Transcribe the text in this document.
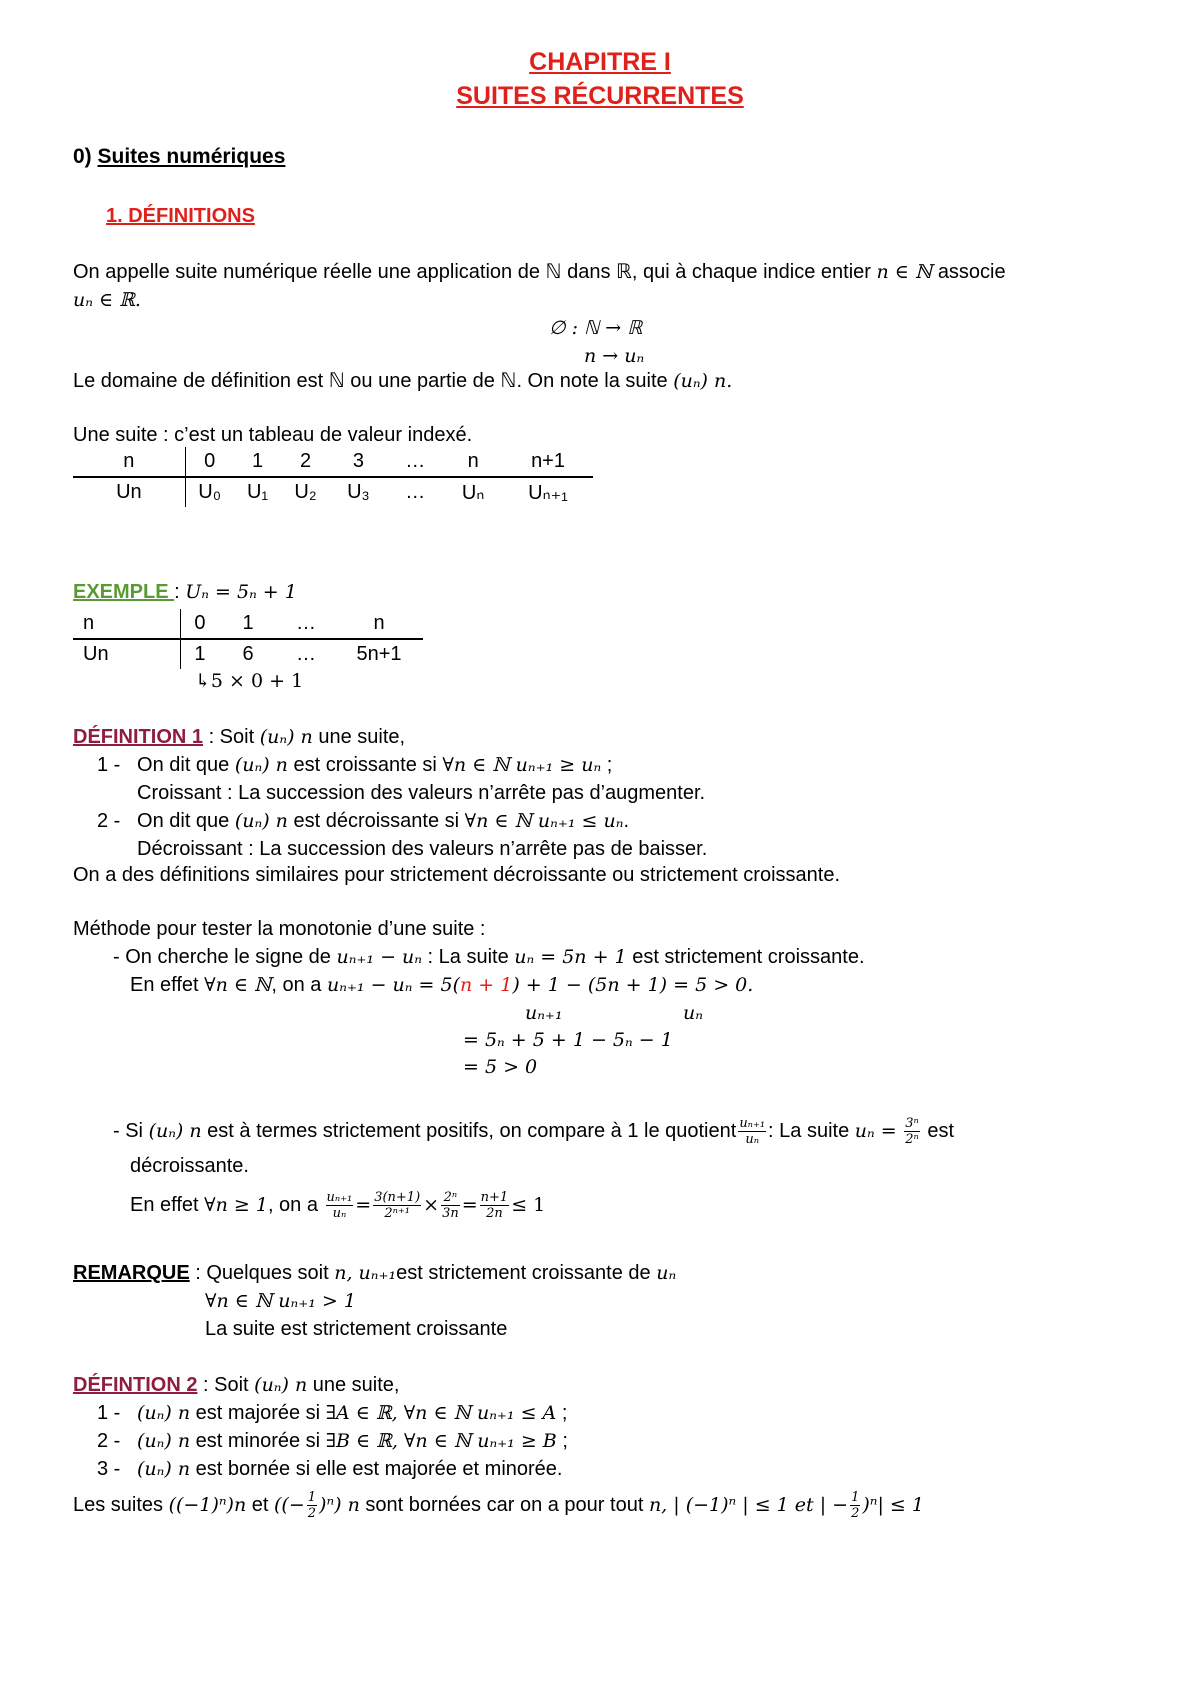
CHAPITRE I
SUITES RÉCURRENTES
0) Suites numériques
1. DÉFINITIONS
On appelle suite numérique réelle une application de ℕ dans ℝ, qui à chaque indice entier n ∈ ℕ associe
uₙ ∈ ℝ.
∅ : ℕ → ℝ
n → uₙ
Le domaine de définition est ℕ ou une partie de ℕ. On note la suite (uₙ) n.
Une suite : c’est un tableau de valeur indexé.
n	0	1	2	3	…	n	n+1
Un	U₀	U₁	U₂	U₃	…	Uₙ	Uₙ₊₁
EXEMPLE : Uₙ = 5ₙ + 1
n	0	1	…	n
Un	1	6	…	5n+1
↳5 × 0 + 1
DÉFINITION 1 : Soit (uₙ) n une suite,
1 - On dit que (uₙ) n est croissante si ∀n ∈ ℕ uₙ₊₁ ≥ uₙ ;
Croissant : La succession des valeurs n’arrête pas d’augmenter.
2 - On dit que (uₙ) n est décroissante si ∀n ∈ ℕ uₙ₊₁ ≤ uₙ.
Décroissant : La succession des valeurs n’arrête pas de baisser.
On a des définitions similaires pour strictement décroissante ou strictement croissante.
Méthode pour tester la monotonie d’une suite :
- On cherche le signe de uₙ₊₁ − uₙ : La suite uₙ = 5n + 1 est strictement croissante.
En effet ∀n ∈ ℕ, on a uₙ₊₁ − uₙ = 5(n + 1) + 1 − (5n + 1) = 5 > 0.
uₙ₊₁	uₙ
= 5ₙ + 5 + 1 − 5ₙ − 1
= 5 > 0
- Si (uₙ) n est à termes strictement positifs, on compare à 1 le quotient $\frac{\text{uₙ₊₁}}{\text{uₙ}}$ : La suite $u_n = \frac{\text{3ⁿ}}{\text{2ⁿ}}$ est
décroissante.
En effet ∀n ≥ 1, on a $\frac{\text{uₙ₊₁}}{\text{uₙ}} = \frac{3(n+1)}{\text{2ⁿ⁺¹}} \times \frac{\text{2ⁿ}}{3n} = \frac{n+1}{2n} \le 1$
REMARQUE : Quelques soit n, uₙ₊₁est strictement croissante de uₙ
∀n ∈ ℕ uₙ₊₁ > 1
La suite est strictement croissante
DÉFINTION 2 : Soit (uₙ) n une suite,
1 - (uₙ) n est majorée si ∃A ∈ ℝ, ∀n ∈ ℕ uₙ₊₁ ≤ A ;
2 - (uₙ) n est minorée si ∃B ∈ ℝ, ∀n ∈ ℕ uₙ₊₁ ≥ B ;
3 - (uₙ) n est bornée si elle est majorée et minorée.
Les suites ((−1)ⁿ)n et ((− $\frac{1}{2} )^n$) n sont bornées car on a pour tout n, | (−1)ⁿ | ≤ 1 et | − $\frac{1}{2} )^n| \le 1$
